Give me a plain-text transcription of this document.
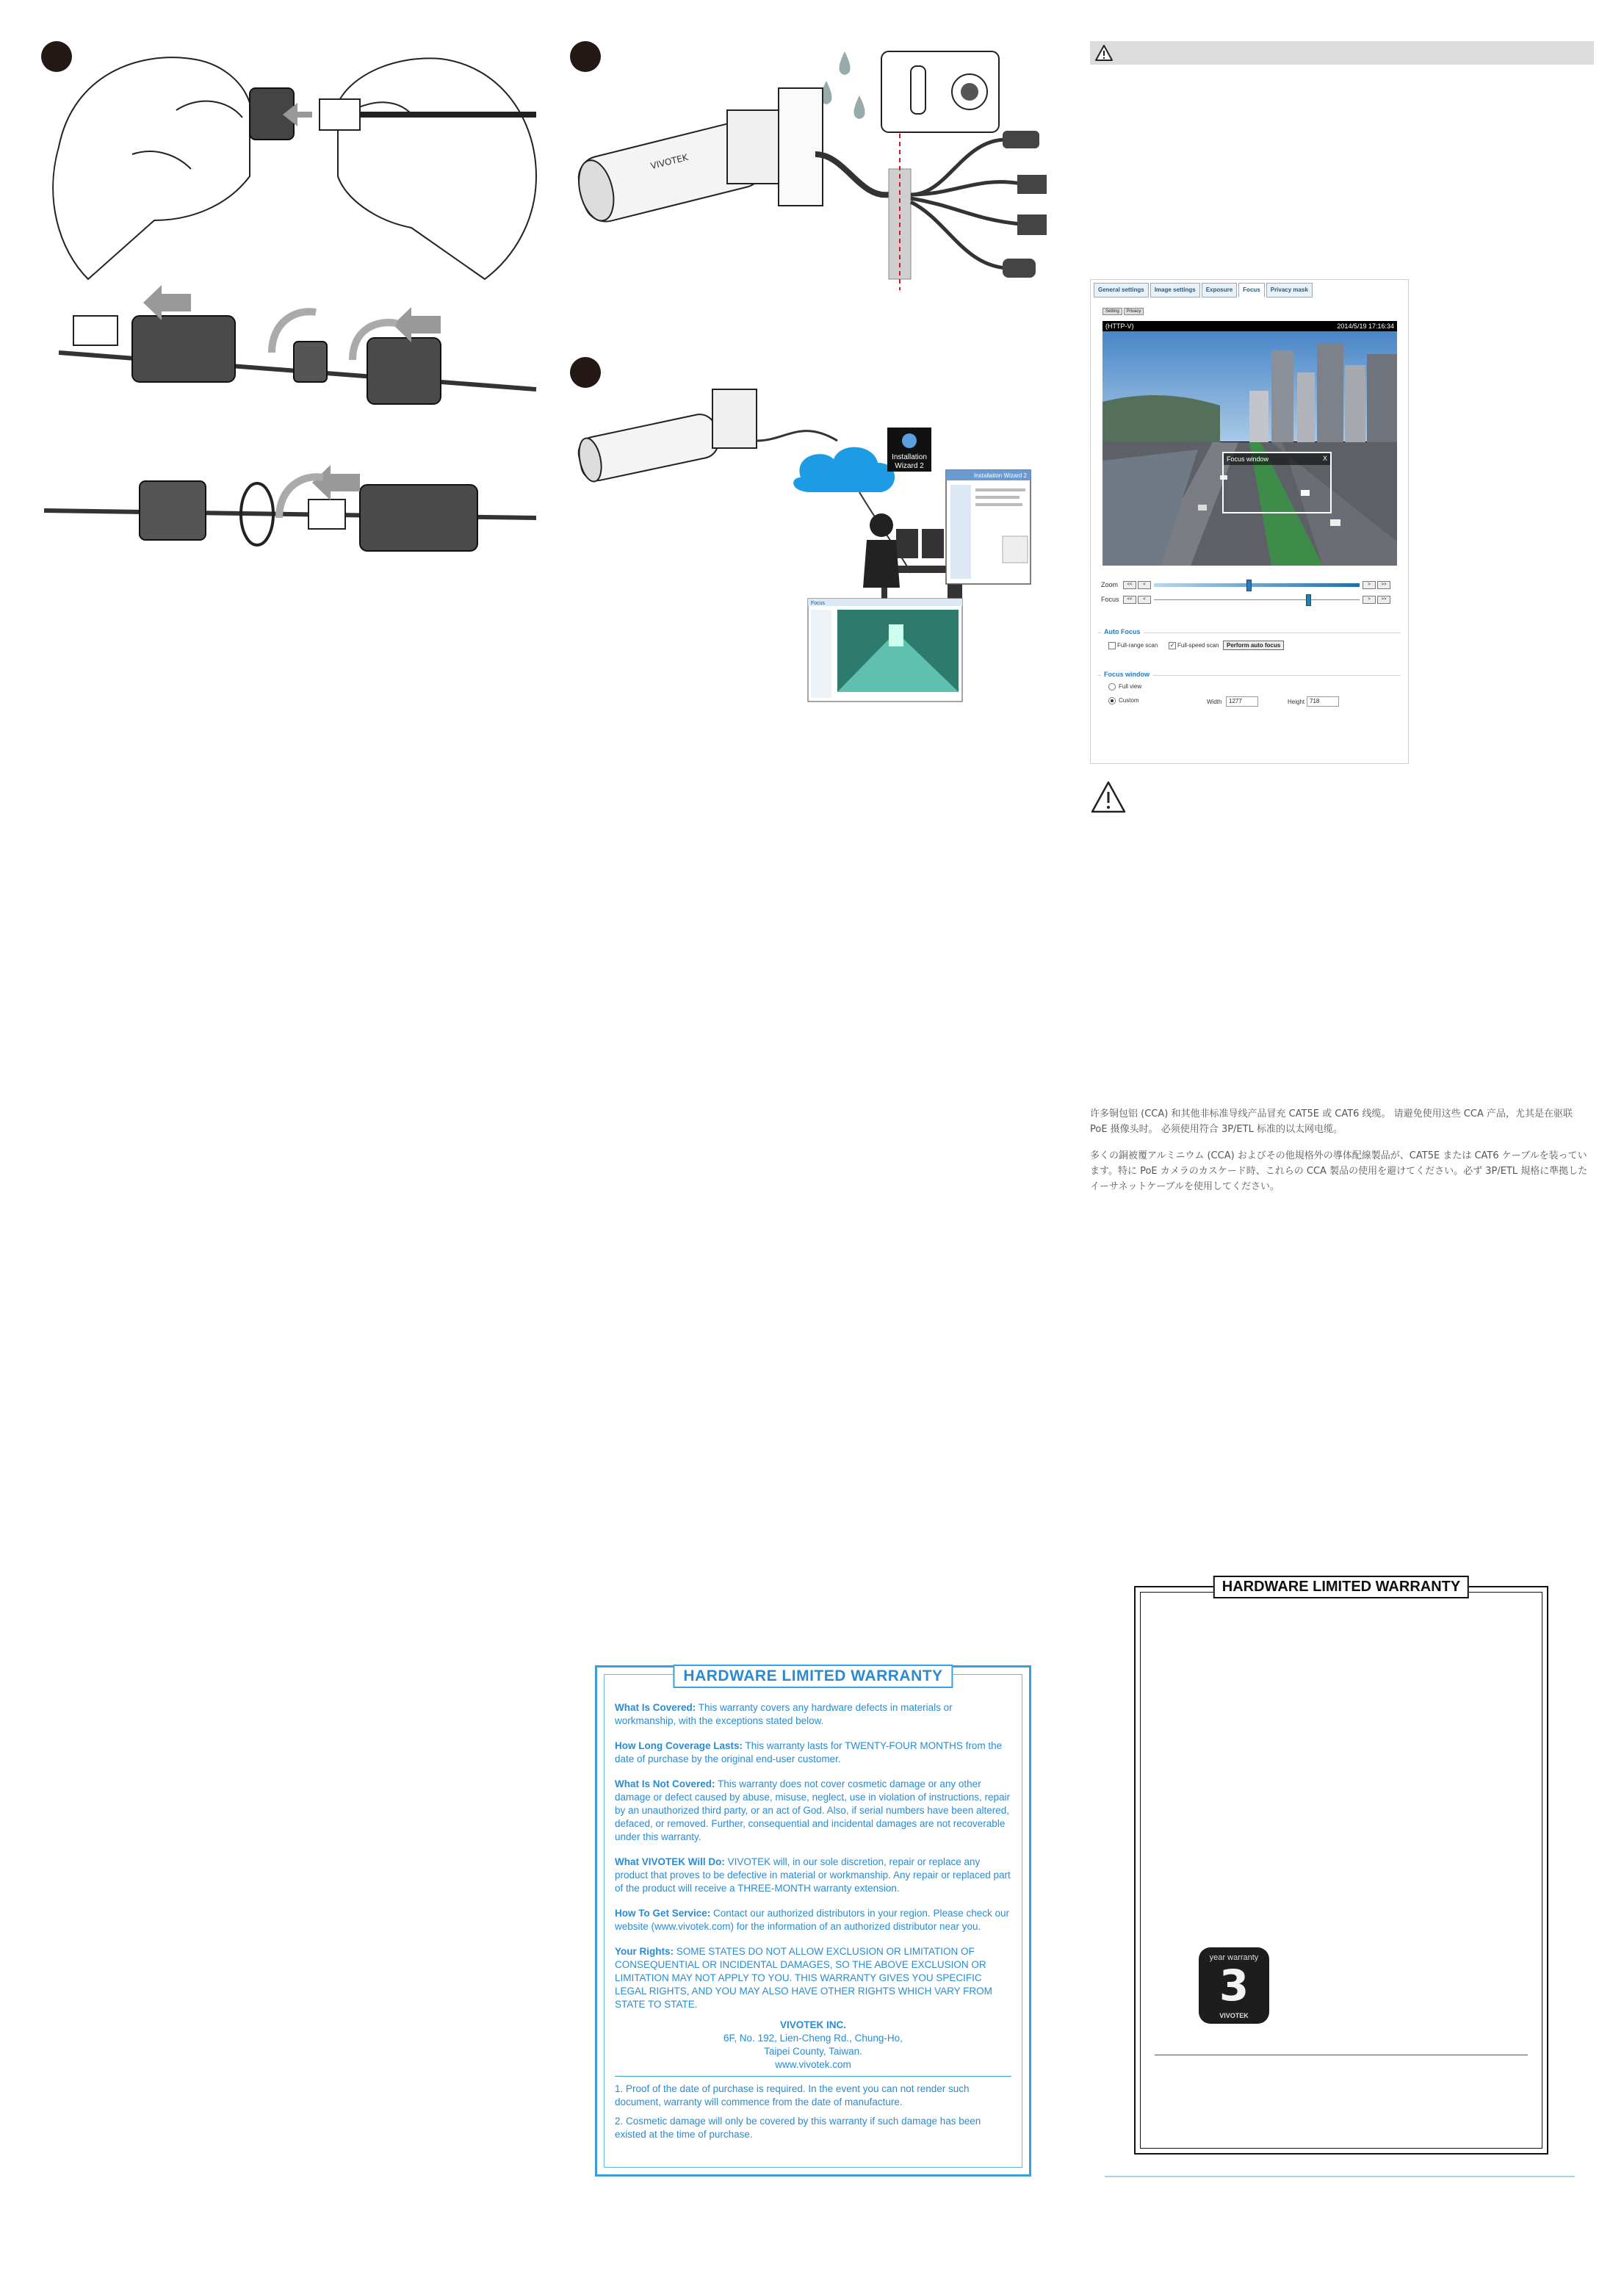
VIVOTEK
Installation
Wizard 2
Installation Wizard 2
Focus
General settings	Image settings	Exposure	Focus	Privacy mask
Setting	Privacy
(HTTP-V)	2014/5/19 17:16:34
Focus window	X
Zoom	<<	<	>	>>
Focus	<<	<	>	>>
Auto Focus
Full-range scan ✓ Full-speed scan	Perform auto focus
Focus window
Full view
Custom	Width	1277	Height 718
许多铜包铝 (CCA) 和其他非标准导线产品冒充 CAT5E 或 CAT6 线缆。 请避免使用这些 CCA 产品，尤其是在驱联 PoE 摄像头时。 必须使用符合 3P/ETL 标准的以太网电缆。
多くの銅被覆アルミニウム (CCA) およびその他規格外の導体配線製品が、CAT5E または CAT6 ケーブルを装っています。特に PoE カメラのカスケード時、これらの CCA 製品の使用を避けてください。必ず 3P/ETL 規格に準拠したイーサネットケーブルを使用してください。
HARDWARE LIMITED WARRANTY

What Is Covered: This warranty covers any hardware defects in materials or workmanship, with the exceptions stated below.

How Long Coverage Lasts: This warranty lasts for TWENTY-FOUR MONTHS from the date of purchase by the original end-user customer.

What Is Not Covered: This warranty does not cover cosmetic damage or any other damage or defect caused by abuse, misuse, neglect, use in violation of instructions, repair by an unauthorized third party, or an act of God. Also, if serial numbers have been altered, defaced, or removed. Further, consequential and incidental damages are not recoverable under this warranty.

What VIVOTEK Will Do: VIVOTEK will, in our sole discretion, repair or replace any product that proves to be defective in material or workmanship. Any repair or replaced part of the product will receive a THREE-MONTH warranty extension.

How To Get Service: Contact our authorized distributors in your region. Please check our website (www.vivotek.com) for the information of an authorized distributor near you.

Your Rights: SOME STATES DO NOT ALLOW EXCLUSION OR LIMITATION OF CONSEQUENTIAL OR INCIDENTAL DAMAGES, SO THE ABOVE EXCLUSION OR LIMITATION MAY NOT APPLY TO YOU. THIS WARRANTY GIVES YOU SPECIFIC LEGAL RIGHTS, AND YOU MAY ALSO HAVE OTHER RIGHTS WHICH VARY FROM STATE TO STATE.

VIVOTEK INC.
6F, No. 192, Lien-Cheng Rd., Chung-Ho,
Taipei County, Taiwan.
www.vivotek.com

1. Proof of the date of purchase is required. In the event you can not render such document, warranty will commence from the date of manufacture.

2. Cosmetic damage will only be covered by this warranty if such damage has been existed at the time of purchase.

HARDWARE LIMITED WARRANTY
year warranty
3
VIVOTEK
